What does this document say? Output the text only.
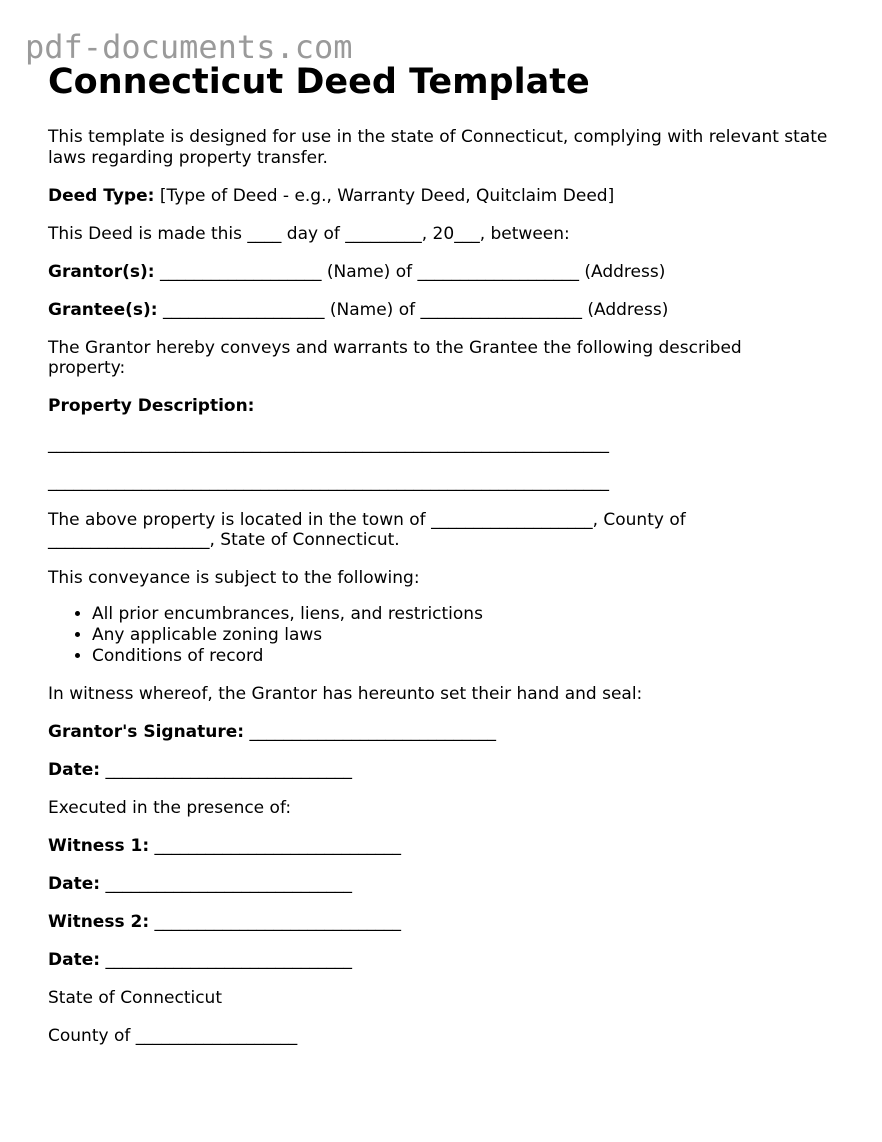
pdf-documents.com
Connecticut Deed Template

This template is designed for use in the state of Connecticut, complying with relevant state

laws regarding property transfer.

Deed Type: [Type of Deed - e.g., Warranty Deed, Quitclaim Deed]

This Deed is made this ____ day of _________, 20___, between:

Grantor(s): ___________________ (Name) of ___________________ (Address)

Grantee(s): ___________________ (Name) of ___________________ (Address)

The Grantor hereby conveys and warrants to the Grantee the following described

property:

Property Description:

__________________________________________________________________

__________________________________________________________________

The above property is located in the town of ___________________, County of

___________________, State of Connecticut.

This conveyance is subject to the following:

• All prior encumbrances, liens, and restrictions
• Any applicable zoning laws
• Conditions of record

In witness whereof, the Grantor has hereunto set their hand and seal:

Grantor's Signature: _____________________________

Date: _____________________________

Executed in the presence of:

Witness 1: _____________________________

Date: _____________________________

Witness 2: _____________________________

Date: _____________________________

State of Connecticut

County of ___________________
